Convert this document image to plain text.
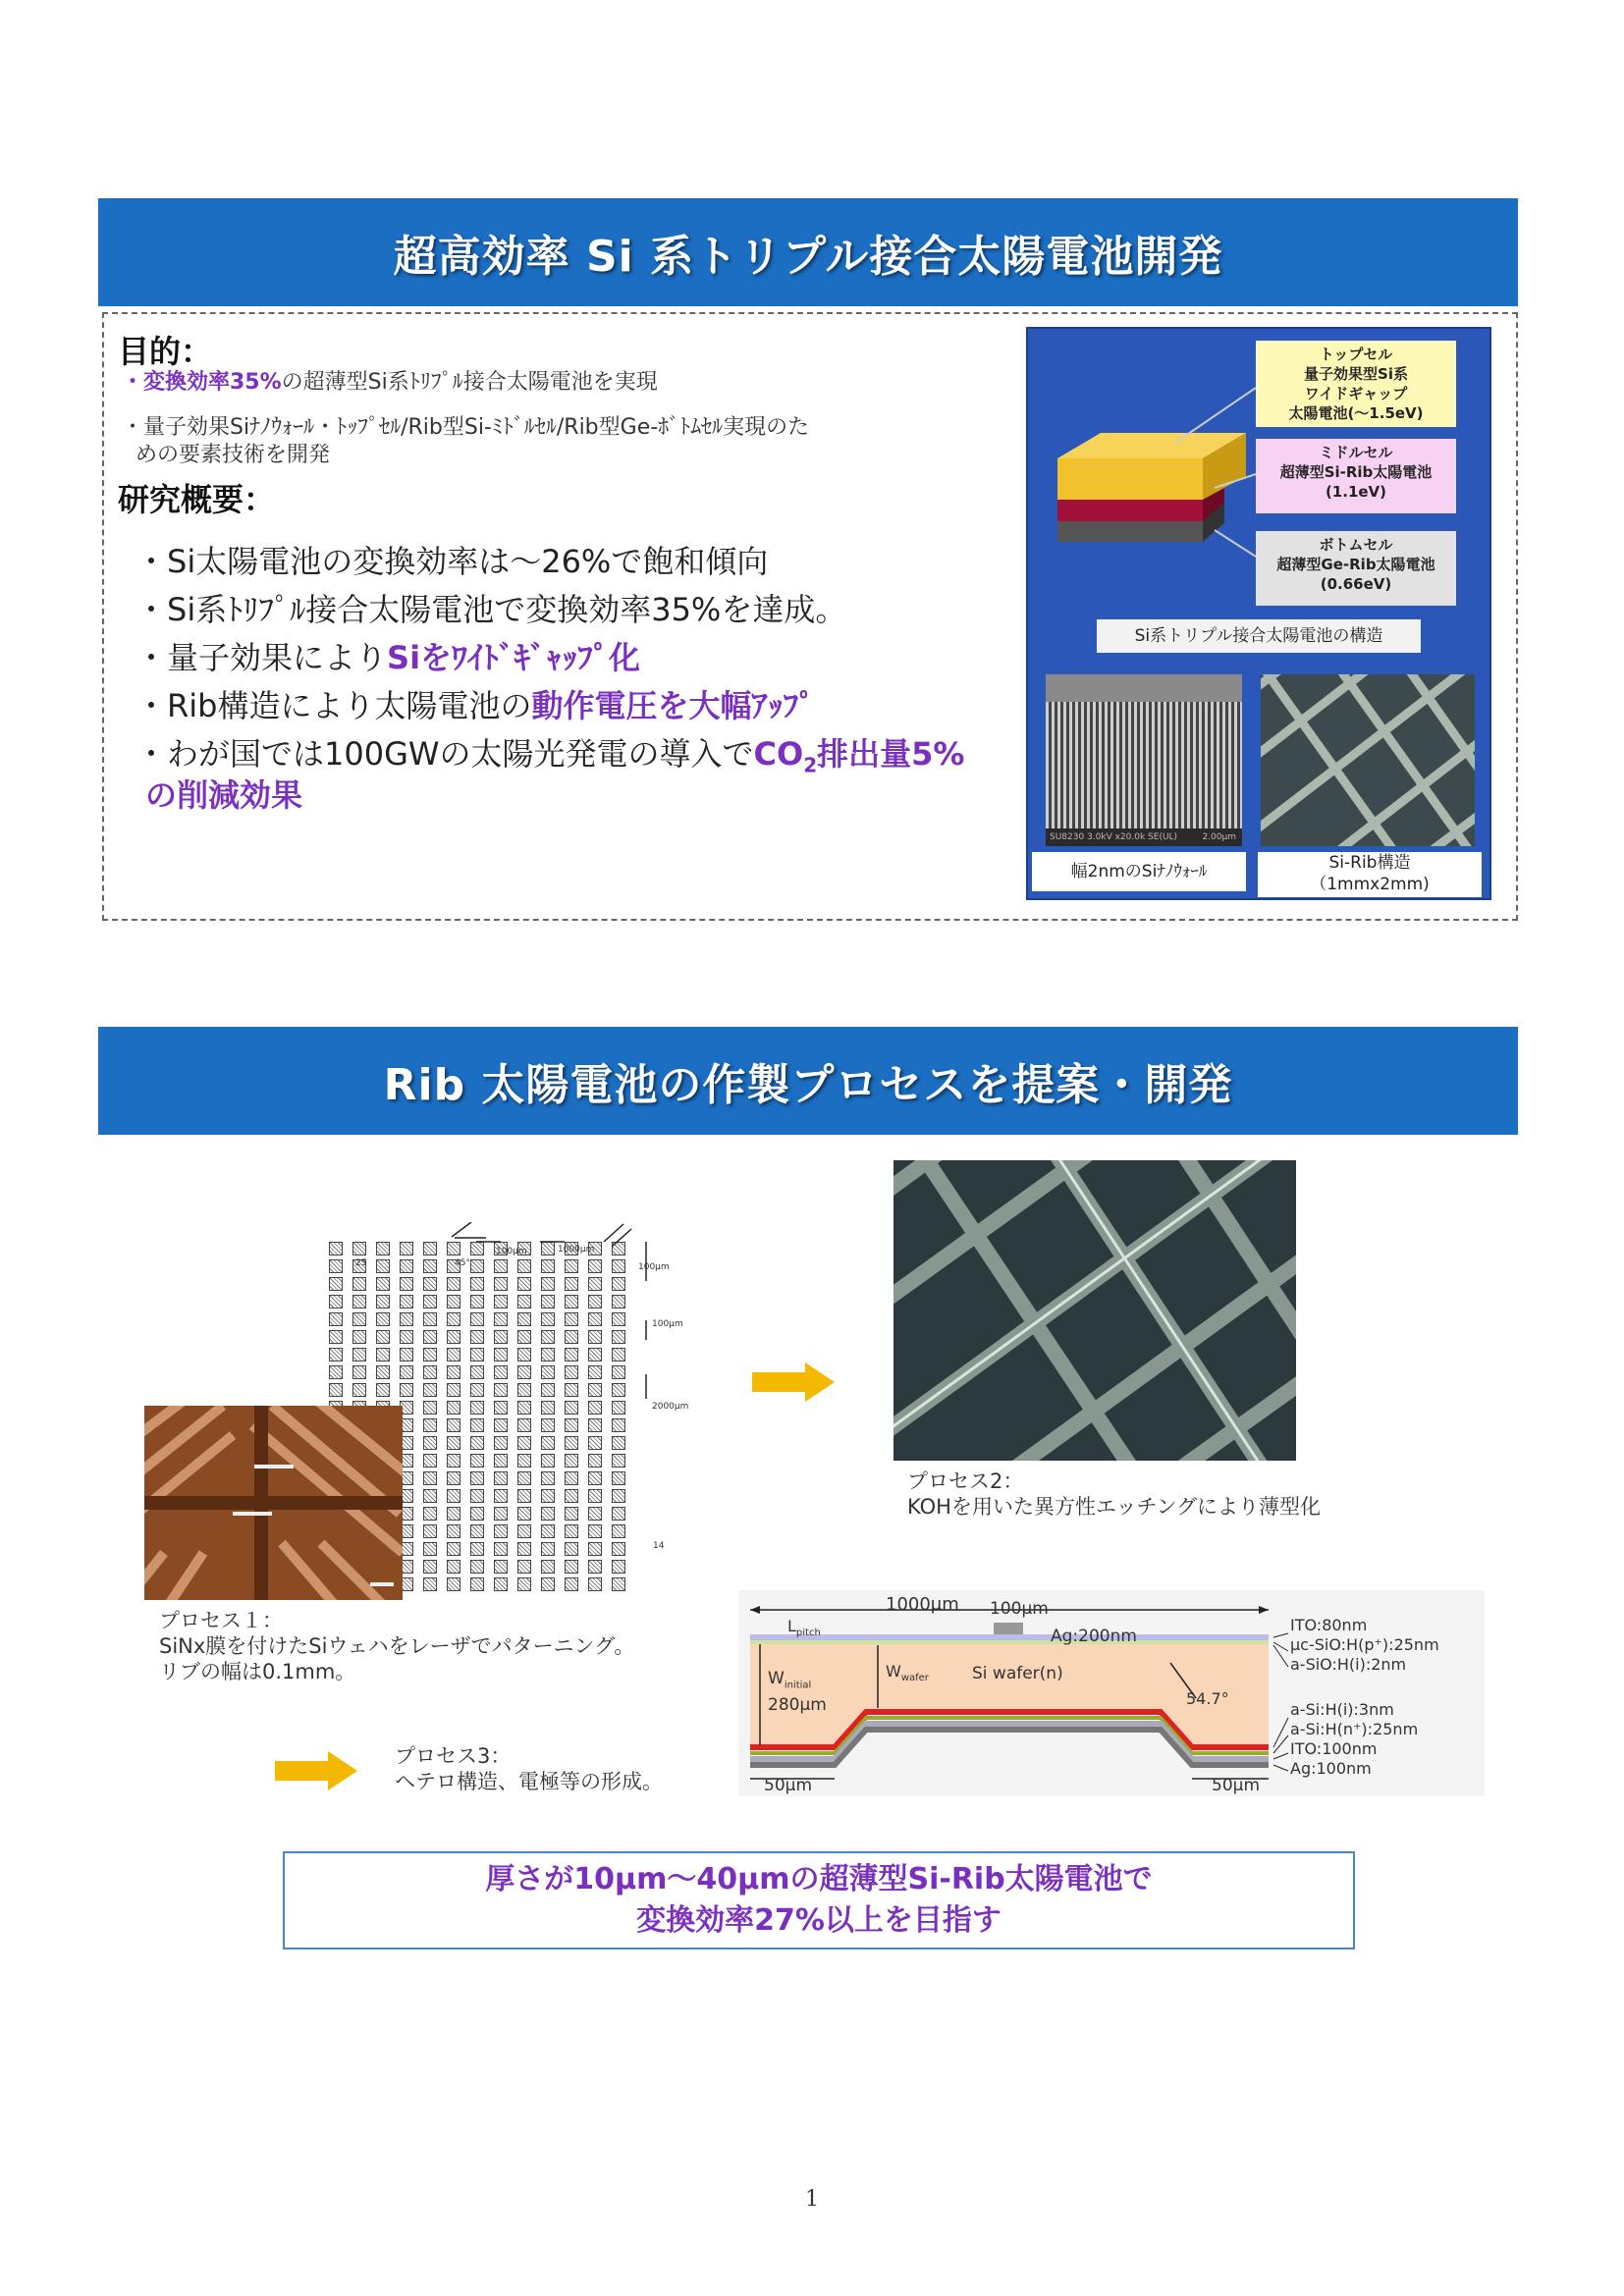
超高効率 Si 系トリプル接合太陽電池開発
目的：
・変換効率35%の超薄型Si系ﾄﾘﾌﾟﾙ接合太陽電池を実現
・量子効果Siﾅﾉｳｫｰﾙ・ﾄｯﾌﾟｾﾙ/Rib型Si-ﾐﾄﾞﾙｾﾙ/Rib型Ge-ﾎﾞﾄﾑｾﾙ実現のた
めの要素技術を開発
研究概要：
・Si太陽電池の変換効率は～26%で飽和傾向
・Si系ﾄﾘﾌﾟﾙ接合太陽電池で変換効率35%を達成。
・量子効果によりSiをﾜｲﾄﾞｷﾞｬｯﾌﾟ化
・Rib構造により太陽電池の動作電圧を大幅ｱｯﾌﾟ
・わが国では100GWの太陽光発電の導入で$CO_2$排出量5%
の削減効果
トップセル
量子効果型Si系
ワイドギャップ
太陽電池(～1.5eV)
ミドルセル
超薄型Si-Rib太陽電池
(1.1eV)
ボトムセル
超薄型Ge-Rib太陽電池
(0.66eV)
Si系トリプル接合太陽電池の構造
SU8230 3.0kV x20.0k SE(UL)	2.00μm
幅2nmのSiﾅﾉｳｫｰﾙ	Si-Rib構造
（1mmx2mm)
Rib 太陽電池の作製プロセスを提案・開発
100μm	1000μm
100μm
100μm
2000μm
45°
25
14
プロセス１：
SiNx膜を付けたSiウェハをレーザでパターニング。
リブの幅は0.1mm。
プロセス2：
KOHを用いた異方性エッチングにより薄型化
プロセス3：
ヘテロ構造、電極等の形成。
1000μm
$L_{pitch}$
100μm
Ag:200nm
$W_{initial}$
280μm
$W_{wafer}$	Si wafer(n)
54.7°
50μm	50μm
ITO:80nm
μc-SiO:H(p⁺):25nm
a-SiO:H(i):2nm
a-Si:H(i):3nm
a-Si:H(n⁺):25nm
ITO:100nm
Ag:100nm
厚さが10μm～40μmの超薄型Si-Rib太陽電池で
変換効率27%以上を目指す
1
